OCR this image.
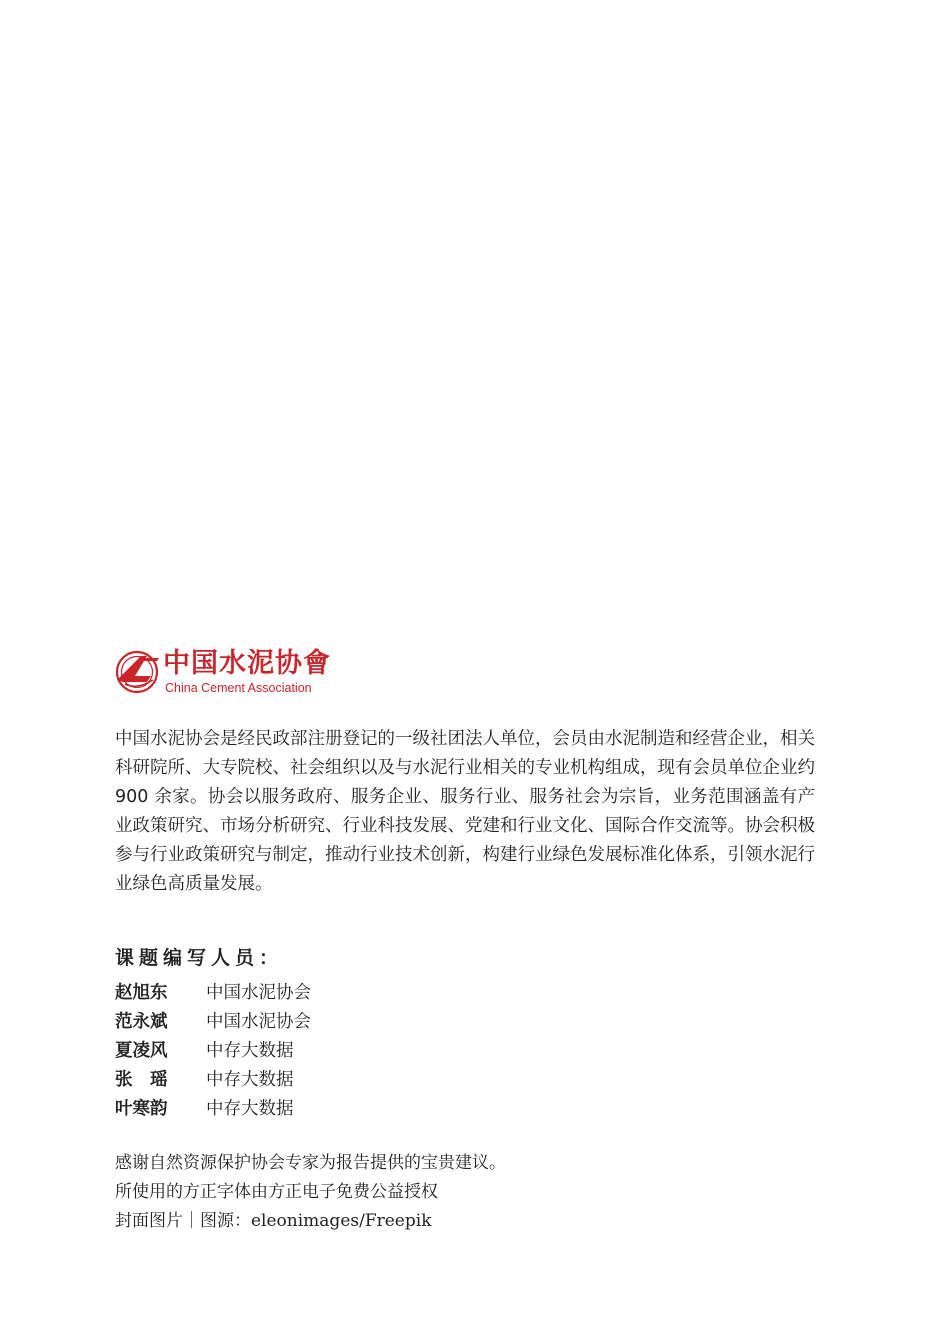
中国水泥协會
China Cement Association

中国水泥协会是经民政部注册登记的一级社团法人单位，会员由水泥制造和经营企业，相关科研院所、大专院校、社会组织以及与水泥行业相关的专业机构组成，现有会员单位企业约 900 余家。协会以服务政府、服务企业、服务行业、服务社会为宗旨，业务范围涵盖有产业政策研究、市场分析研究、行业科技发展、党建和行业文化、国际合作交流等。协会积极参与行业政策研究与制定，推动行业技术创新，构建行业绿色发展标准化体系，引领水泥行业绿色高质量发展。

课题编写人员：
赵旭东 中国水泥协会
范永斌 中国水泥协会
夏凌风 中存大数据
张　瑶 中存大数据
叶寒韵 中存大数据
感谢自然资源保护协会专家为报告提供的宝贵建议。
所使用的方正字体由方正电子免费公益授权
封面图片｜图源：eleonimages/Freepik
